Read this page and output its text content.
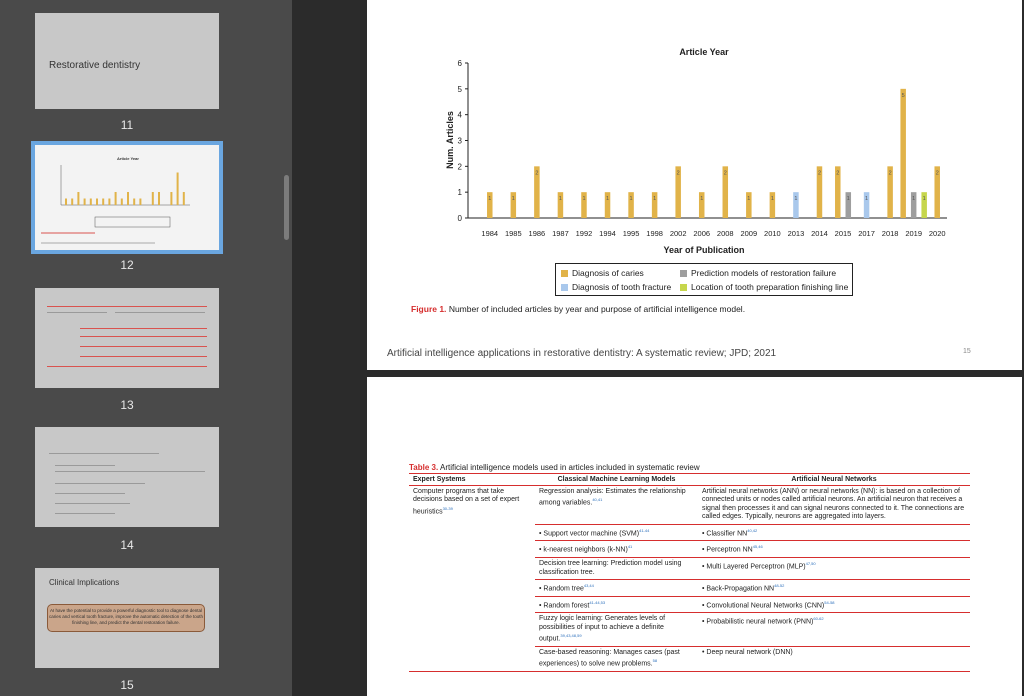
Restorative dentistry
11
Article Year
12
13
14
Clinical Implications
AI have the potential to provide a powerful diagnostic tool to diagnose dental caries and vertical tooth fracture, improve the automatic detection of the tooth finishing line, and predict the dental restoration failure.
15
Article Year
Num. Articles
Year of Publication
0
1
2
3
4
5
6
1984
1
1985
1
1986
2
1987
1
1992
1
1994
1
1995
1
1998
1
2002
2
2006
1
2008
2
2009
1
2010
1
2013
1
2014
2
2015
2
1
2017
1
2018
2
2019
5
1 1
2020
2
Diagnosis of caries	Prediction models of restoration failure
Diagnosis of tooth fracture Location of tooth preparation finishing line
Figure 1. Number of included articles by year and purpose of artificial intelligence model.
Artificial intelligence applications in restorative dentistry: A systematic review; JPD; 2021	15
Table 3. Artificial intelligence models used in articles included in systematic review
Expert Systems	Classical Machine Learning Models	Artificial Neural Networks
Computer programs that take decisions based on a set of expert heuristics$^{30-39}$	Regression analysis: Estimates the relationship among variables.$^{40,41}$	Artificial neural networks (ANN) or neural networks (NN): is based on a collection of connected units or nodes called artificial neurons. An artificial neuron that receives a signal then processes it and can signal neurons connected to it. The connections are called edges. Typically, neurons are aggregated into layers.
	• Support vector machine (SVM)$^{41-44}$	• Classifier NN$^{40,42}$
	• k-nearest neighbors $(k-NN)^{41}$	• Perceptron NN$^{45,46}$
	Decision tree learning: Prediction model using classification tree.	• Multi Layered Perceptron (MLP)$^{47,50}$
	• Random tree$^{43,44}$	• Back-Propagation NN$^{48-52}$
	• Random forest$^{41-44,53}$	• Convolutional Neural Networks (CNN)$^{54-58}$
	Fuzzy logic learning: Generates levels of possibilities of input to achieve a definite output.$^{39,43,48,59}$	• Probabilistic neural network (PNN)$^{60-62}$
	Case-based reasoning: Manages cases (past experiences) to solve new problems.$^{58}$	• Deep neural network (DNN)
